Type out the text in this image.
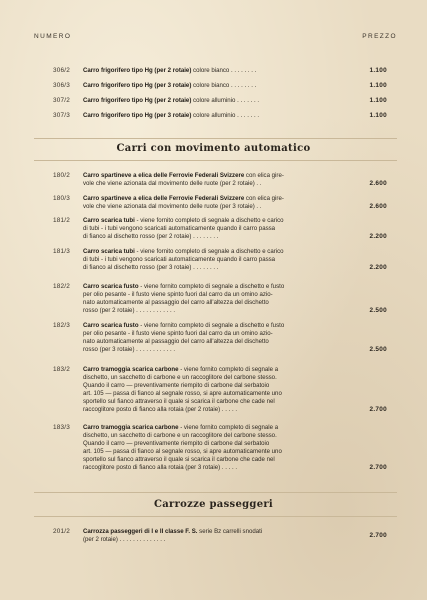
NUMERO	PREZZO
306/2 Carro frigorifero tipo Hg (per 2 rotaie) colore bianco . . . . . . . .	1.100
306/3 Carro frigorifero tipo Hg (per 3 rotaie) colore bianco . . . . . . . .	1.100
307/2 Carro frigorifero tipo Hg (per 2 rotaie) colore alluminio . . . . . . .	1.100
307/3 Carro frigorifero tipo Hg (per 3 rotaie) colore alluminio . . . . . . .	1.100
Carri con movimento automatico
180/2 Carro spartineve a elica delle Ferrovie Federali Svizzere con elica gire-
vole che viene azionata dal movimento delle ruote (per 2 rotaie) . .	2.600
180/3 Carro spartineve a elica delle Ferrovie Federali Svizzere con elica gire-
vole che viene azionata dal movimento delle ruote (per 3 rotaie) . .	2.600
181/2 Carro scarica tubi - viene fornito completo di segnale a dischetto e carico
di tubi - i tubi vengono scaricati automaticamente quando il carro passa
di fianco al dischetto rosso (per 2 rotaie) . . . . . . . .	2.200
181/3 Carro scarica tubi - viene fornito completo di segnale a dischetto e carico
di tubi - i tubi vengono scaricati automaticamente quando il carro passa
di fianco al dischetto rosso (per 3 rotaie) . . . . . . . .	2.200
182/2 Carro scarica fusto - viene fornito completo di segnale a dischetto e fusto
per olio pesante - il fusto viene spinto fuori dal carro da un omino azio-
nato automaticamente al passaggio del carro all'altezza del dischetto
rosso (per 2 rotaie) . . . . . . . . . . . .	2.500
182/3 Carro scarica fusto - viene fornito completo di segnale a dischetto e fusto
per olio pesante - il fusto viene spinto fuori dal carro da un omino azio-
nato automaticamente al passaggio del carro all'altezza del dischetto
rosso (per 3 rotaie) . . . . . . . . . . . .	2.500
183/2 Carro tramoggia scarica carbone - viene fornito completo di segnale a
dischetto, un sacchetto di carbone e un raccoglitore del carbone stesso.
Quando il carro — preventivamente riempito di carbone dal serbatoio
art. 105 — passa di fianco al segnale rosso, si apre automaticamente uno
sportello sul fianco attraverso il quale si scarica il carbone che cade nel
raccoglitore posto di fianco alla rotaia (per 2 rotaie) . . . . .	2.700
183/3 Carro tramoggia scarica carbone - viene fornito completo di segnale a
dischetto, un sacchetto di carbone e un raccoglitore del carbone stesso.
Quando il carro — preventivamente riempito di carbone dal serbatoio
art. 105 — passa di fianco al segnale rosso, si apre automaticamente uno
sportello sul fianco attraverso il quale si scarica il carbone che cade nel
raccoglitore posto di fianco alla rotaia (per 3 rotaie) . . . . .	2.700
Carrozze passeggeri
201/2 Carrozza passeggeri di I e II classe F. S. serie Bz carrelli snodati
(per 2 rotaie) . . . . . . . . . . . . . .
2.700
